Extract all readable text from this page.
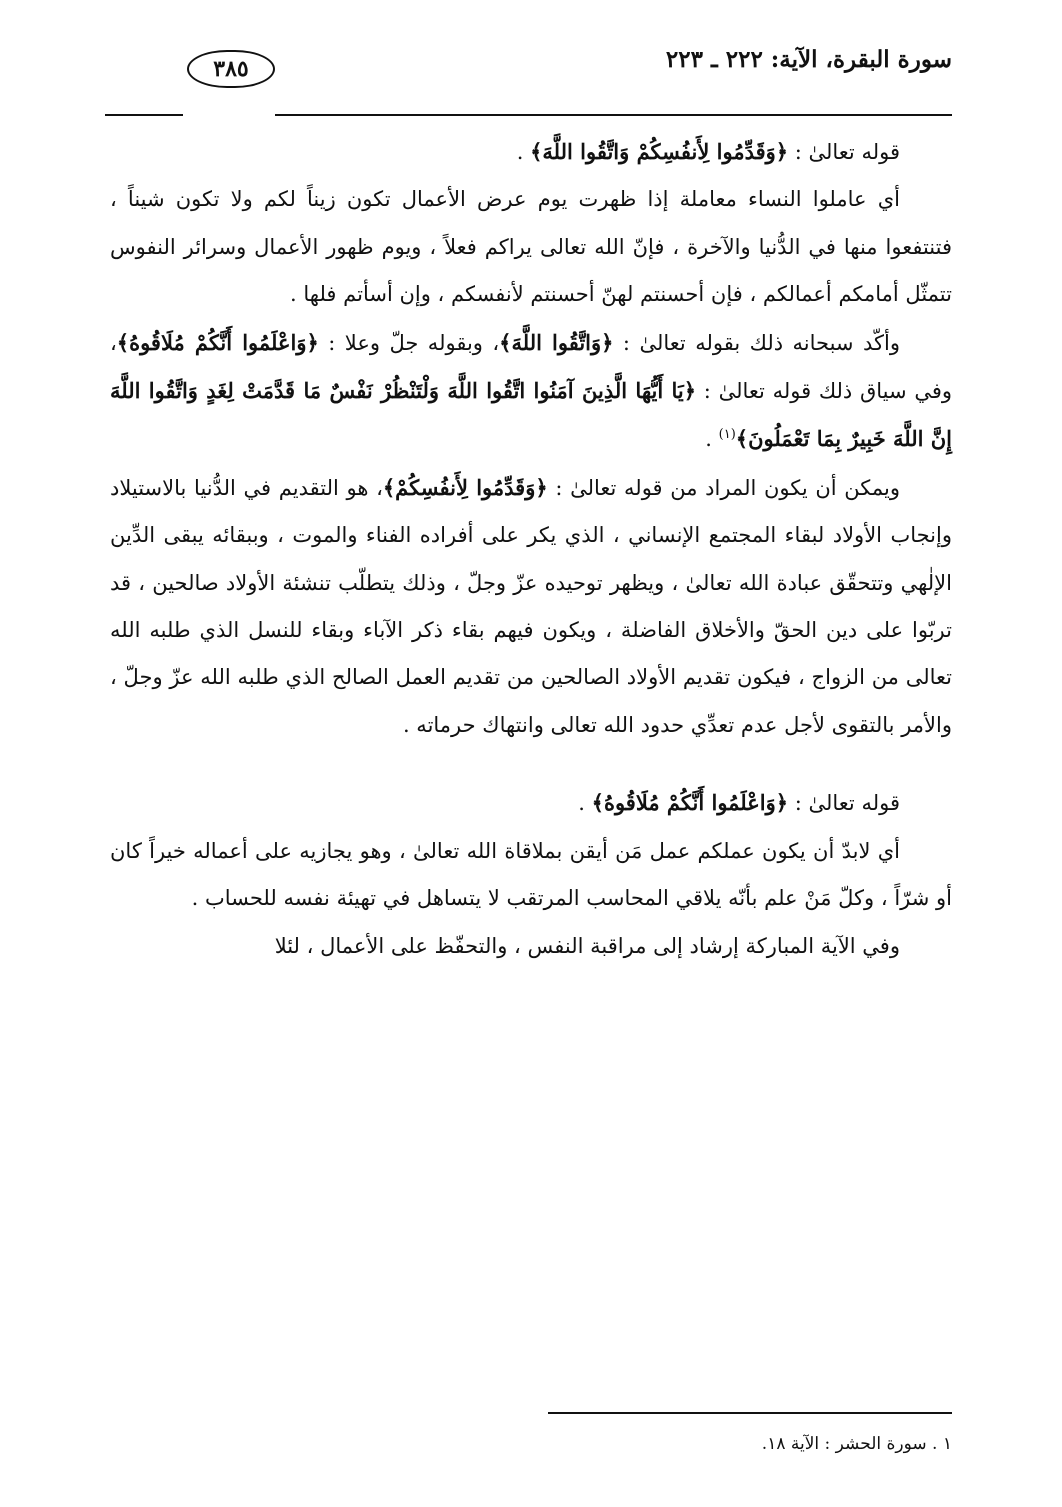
سورة البقرة، الآية: ٢٢٢ ـ ٢٢٣
٣٨٥

قوله تعالىٰ : ﴿وَقَدِّمُوا لِأَنفُسِكُمْ وَاتَّقُوا اللَّهَ﴾ .

أي عاملوا النساء معاملة إذا ظهرت يوم عرض الأعمال تكون زيناً لكم ولا تكون شيناً ، فتنتفعوا منها في الدُّنيا والآخرة ، فإنّ الله تعالى يراكم فعلاً ، ويوم ظهور الأعمال وسرائر النفوس تتمثّل أمامكم أعمالكم ، فإن أحسنتم لهنّ أحسنتم لأنفسكم ، وإن أسأتم فلها .

وأكّد سبحانه ذلك بقوله تعالىٰ : ﴿وَاتَّقُوا اللَّهَ﴾، وبقوله جلّ وعلا : ﴿وَاعْلَمُوا أَنَّكُمْ مُلَاقُوهُ﴾، وفي سياق ذلك قوله تعالىٰ : ﴿يَا أَيُّهَا الَّذِينَ آمَنُوا اتَّقُوا اللَّهَ وَلْتَنْظُرْ نَفْسٌ مَا قَدَّمَتْ لِغَدٍ وَاتَّقُوا اللَّهَ إِنَّ اللَّهَ خَبِيرٌ بِمَا تَعْمَلُونَ﴾$^{(١)}$ .

ويمكن أن يكون المراد من قوله تعالىٰ : ﴿وَقَدِّمُوا لِأَنفُسِكُمْ﴾، هو التقديم في الدُّنيا بالاستيلاد وإنجاب الأولاد لبقاء المجتمع الإنساني ، الذي يكر على أفراده الفناء والموت ، وببقائه يبقى الدِّين الإلٰهي وتتحقّق عبادة الله تعالىٰ ، ويظهر توحيده عزّ وجلّ ، وذلك يتطلّب تنشئة الأولاد صالحين ، قد تربّوا على دين الحقّ والأخلاق الفاضلة ، ويكون فيهم بقاء ذكر الآباء وبقاء للنسل الذي طلبه الله تعالى من الزواج ، فيكون تقديم الأولاد الصالحين من تقديم العمل الصالح الذي طلبه الله عزّ وجلّ ، والأمر بالتقوى لأجل عدم تعدِّي حدود الله تعالى وانتهاك حرماته .

قوله تعالىٰ : ﴿وَاعْلَمُوا أَنَّكُمْ مُلَاقُوهُ﴾ .

أي لابدّ أن يكون عملكم عمل مَن أيقن بملاقاة الله تعالىٰ ، وهو يجازيه على أعماله خيراً كان أو شرّاً ، وكلّ مَنْ علم بأنّه يلاقي المحاسب المرتقب لا يتساهل في تهيئة نفسه للحساب .

وفي الآية المباركة إرشاد إلى مراقبة النفس ، والتحفّظ على الأعمال ، لئلا

١ . سورة الحشر : الآية ١٨.
